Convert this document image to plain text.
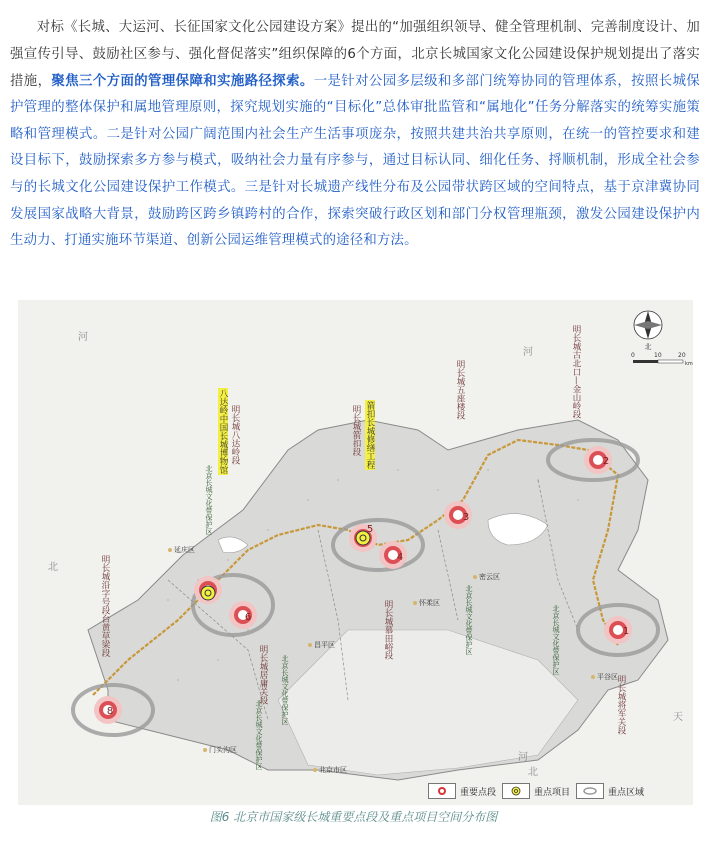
对标《长城、大运河、长征国家文化公园建设方案》提出的“加强组织领导、健全管理机制、完善制度设计、加强宣传引导、鼓励社区参与、强化督促落实”组织保障的6个方面，北京长城国家文化公园建设保护规划提出了落实措施，聚焦三个方面的管理保障和实施路径探索。一是针对公园多层级和多部门统筹协同的管理体系，按照长城保护管理的整体保护和属地管理原则，探究规划实施的“目标化”总体审批监管和“属地化”任务分解落实的统筹实施策略和管理模式。二是针对公园广阔范围内社会生产生活事项庞杂，按照共建共治共享原则，在统一的管控要求和建设目标下，鼓励探索多方参与模式，吸纳社会力量有序参与，通过目标认同、细化任务、捋顺机制，形成全社会参与的长城文化公园建设保护工作模式。三是针对长城遗产线性分布及公园带状跨区域的空间特点，基于京津冀协同发展国家战略大背景，鼓励跨区跨乡镇跨村的合作，探索突破行政区划和部门分权管理瓶颈，激发公园建设保护内生动力、打通实施环节渠道、创新公园运维管理模式的途径和方法。

1
2
3
4
5
6
8
河
河
北
天
河
北
0	10	20
km
北
明长城古北口—金山岭段
明长城五座楼段
明长城箭扣段 箭扣长城修缮工程
八达岭中国长城博物馆 明长城八达岭段
明长城沿字号段台黄草梁段
明长城居庸关段
明长城慕田峪段
明长城将军关段
北京长城文化带保护区
北京长城文化带保护区	北京长城文化带保护区
北京长城文化带保护区
北京长城文化带保护区
延庆区
昌平区
怀柔区
密云区
平谷区
门头沟区
北京市区
重要点段	重点项目	重点区域
图6 北京市国家级长城重要点段及重点项目空间分布图
